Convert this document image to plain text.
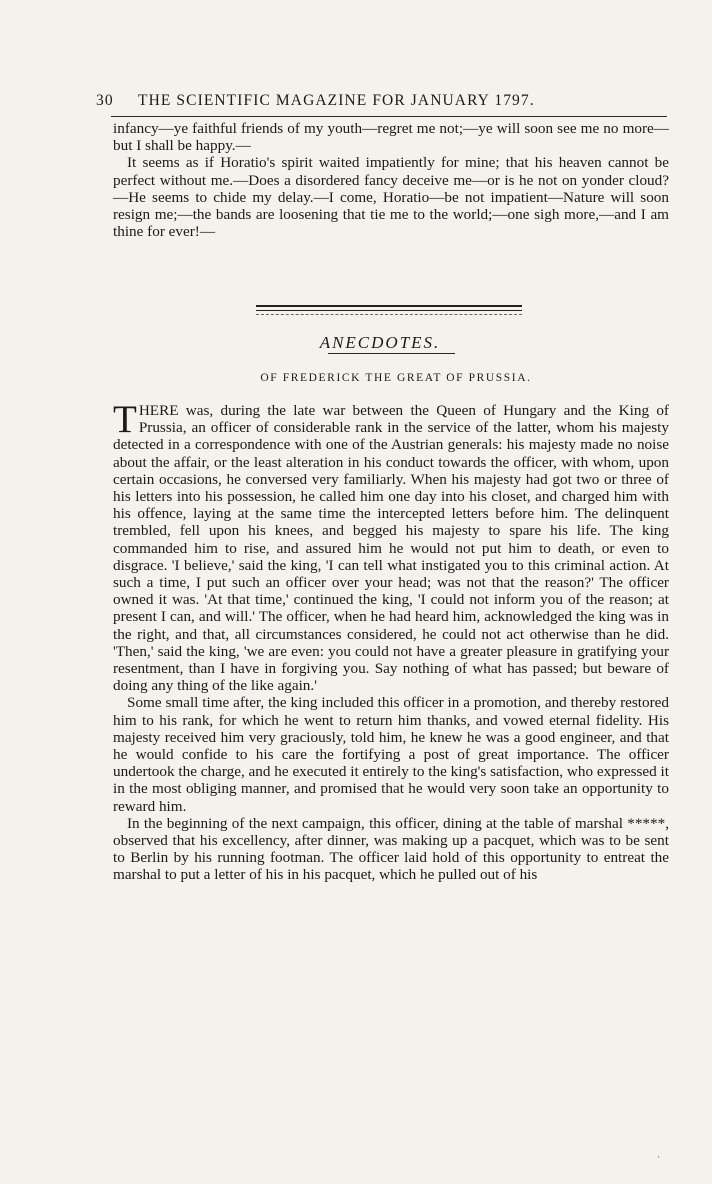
30 THE SCIENTIFIC MAGAZINE FOR JANUARY 1797.

infancy—ye faithful friends of my youth—regret me not;—ye will soon see me no more—but I shall be happy.—

It seems as if Horatio's spirit waited impatiently for mine; that his heaven cannot be perfect without me.—Does a disordered fancy deceive me—or is he not on yonder cloud?—He seems to chide my delay.—I come, Horatio—be not impatient—Nature will soon resign me;—the bands are loosening that tie me to the world;—one sigh more,—and I am thine for ever!—

ANECDOTES.
OF FREDERICK THE GREAT OF PRUSSIA.

THERE was, during the late war between the Queen of Hungary and the King of Prussia, an officer of considerable rank in the service of the latter, whom his majesty detected in a correspondence with one of the Austrian generals: his majesty made no noise about the affair, or the least alteration in his conduct towards the officer, with whom, upon certain occasions, he conversed very familiarly. When his majesty had got two or three of his letters into his possession, he called him one day into his closet, and charged him with his offence, laying at the same time the intercepted letters before him. The delinquent trembled, fell upon his knees, and begged his majesty to spare his life. The king commanded him to rise, and assured him he would not put him to death, or even to disgrace. 'I believe,' said the king, 'I can tell what instigated you to this criminal action. At such a time, I put such an officer over your head; was not that the reason?' The officer owned it was. 'At that time,' continued the king, 'I could not inform you of the reason; at present I can, and will.' The officer, when he had heard him, acknowledged the king was in the right, and that, all circumstances considered, he could not act otherwise than he did. 'Then,' said the king, 'we are even: you could not have a greater pleasure in gratifying your resentment, than I have in forgiving you. Say nothing of what has passed; but beware of doing any thing of the like again.'

Some small time after, the king included this officer in a promotion, and thereby restored him to his rank, for which he went to return him thanks, and vowed eternal fidelity. His majesty received him very graciously, told him, he knew he was a good engineer, and that he would confide to his care the fortifying a post of great importance. The officer undertook the charge, and he executed it entirely to the king's satisfaction, who expressed it in the most obliging manner, and promised that he would very soon take an opportunity to reward him.

In the beginning of the next campaign, this officer, dining at the table of marshal *****, observed that his excellency, after dinner, was making up a pacquet, which was to be sent to Berlin by his running footman. The officer laid hold of this opportunity to entreat the marshal to put a letter of his in his pacquet, which he pulled out of his

·
